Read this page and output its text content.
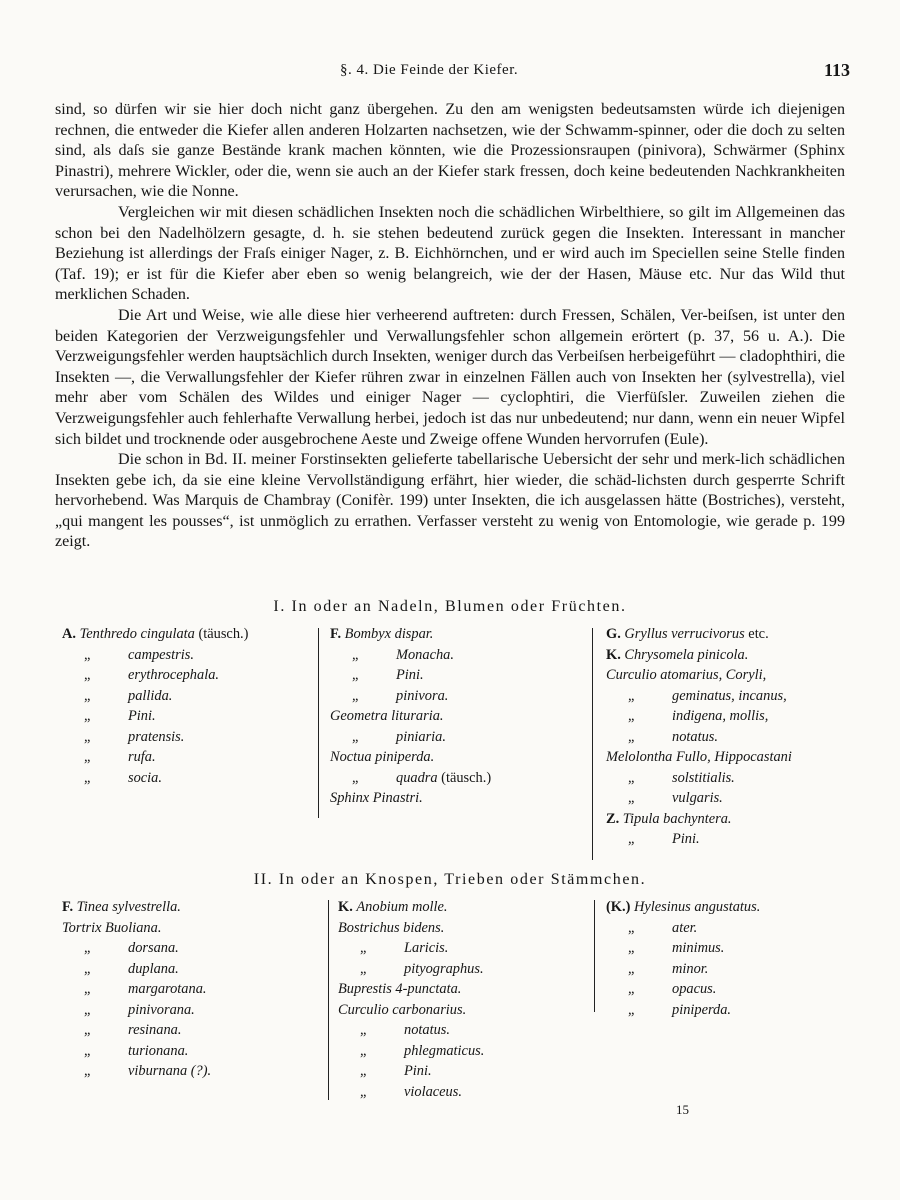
§. 4. Die Feinde der Kiefer.	113

sind, so dürfen wir sie hier doch nicht ganz übergehen. Zu den am wenigsten bedeutsamsten würde ich diejenigen rechnen, die entweder die Kiefer allen anderen Holzarten nachsetzen, wie der Schwamm-spinner, oder die doch zu selten sind, als daſs sie ganze Bestände krank machen könnten, wie die Prozessionsraupen (pinivora), Schwärmer (Sphinx Pinastri), mehrere Wickler, oder die, wenn sie auch an der Kiefer stark fressen, doch keine bedeutenden Nachkrankheiten verursachen, wie die Nonne.

Vergleichen wir mit diesen schädlichen Insekten noch die schädlichen Wirbelthiere, so gilt im Allgemeinen das schon bei den Nadelhölzern gesagte, d. h. sie stehen bedeutend zurück gegen die Insekten. Interessant in mancher Beziehung ist allerdings der Fraſs einiger Nager, z. B. Eichhörnchen, und er wird auch im Speciellen seine Stelle finden (Taf. 19); er ist für die Kiefer aber eben so wenig belangreich, wie der der Hasen, Mäuse etc. Nur das Wild thut merklichen Schaden.

Die Art und Weise, wie alle diese hier verheerend auftreten: durch Fressen, Schälen, Ver-beiſsen, ist unter den beiden Kategorien der Verzweigungsfehler und Verwallungsfehler schon allgemein erörtert (p. 37, 56 u. A.). Die Verzweigungsfehler werden hauptsächlich durch Insekten, weniger durch das Verbeiſsen herbeigeführt — cladophthiri, die Insekten —, die Verwallungsfehler der Kiefer rühren zwar in einzelnen Fällen auch von Insekten her (sylvestrella), viel mehr aber vom Schälen des Wildes und einiger Nager — cyclophtiri, die Vierfüſsler. Zuweilen ziehen die Verzweigungsfehler auch fehlerhafte Verwallung herbei, jedoch ist das nur unbedeutend; nur dann, wenn ein neuer Wipfel sich bildet und trocknende oder ausgebrochene Aeste und Zweige offene Wunden hervorrufen (Eule).

Die schon in Bd. II. meiner Forstinsekten gelieferte tabellarische Uebersicht der sehr und merk-lich schädlichen Insekten gebe ich, da sie eine kleine Vervollständigung erfährt, hier wieder, die schäd-lichsten durch gesperrte Schrift hervorhebend. Was Marquis de Chambray (Conifèr. 199) unter Insekten, die ich ausgelassen hätte (Bostriches), versteht, „qui mangent les pousses“, ist unmöglich zu errathen. Verfasser versteht zu wenig von Entomologie, wie gerade p. 199 zeigt.

I. In oder an Nadeln, Blumen oder Früchten.
A. Tenthredo cingulata (täusch.)
„	campestris.
„	erythrocephala.
„	pallida.
„	Pini.
„	pratensis.
„	rufa.
„	socia.
F. Bombyx dispar.
„	Monacha.
„	Pini.
„	pinivora.
Geometra lituraria.
„	piniaria.
Noctua piniperda.
„	quadra (täusch.)
Sphinx Pinastri.
G. Gryllus verrucivorus etc.
K. Chrysomela pinicola.
Curculio atomarius, Coryli,
„	geminatus, incanus,
„	indigena, mollis,
„	notatus.
Melolontha Fullo, Hippocastani
„	solstitialis.
„	vulgaris.
Z. Tipula bachyntera.
„	Pini.
II. In oder an Knospen, Trieben oder Stämmchen.
F. Tinea sylvestrella.
Tortrix Buoliana.
„	dorsana.
„	duplana.
„	margarotana.
„	pinivorana.
„	resinana.
„	turionana.
„	viburnana (?).
K. Anobium molle.
Bostrichus bidens.
„	Laricis.
„	pityographus.
Buprestis 4-punctata.
Curculio carbonarius.
„	notatus.
„	phlegmaticus.
„	Pini.
„	violaceus.
(K.) Hylesinus angustatus.
„	ater.
„	minimus.
„	minor.
„	opacus.
„	piniperda.
15
